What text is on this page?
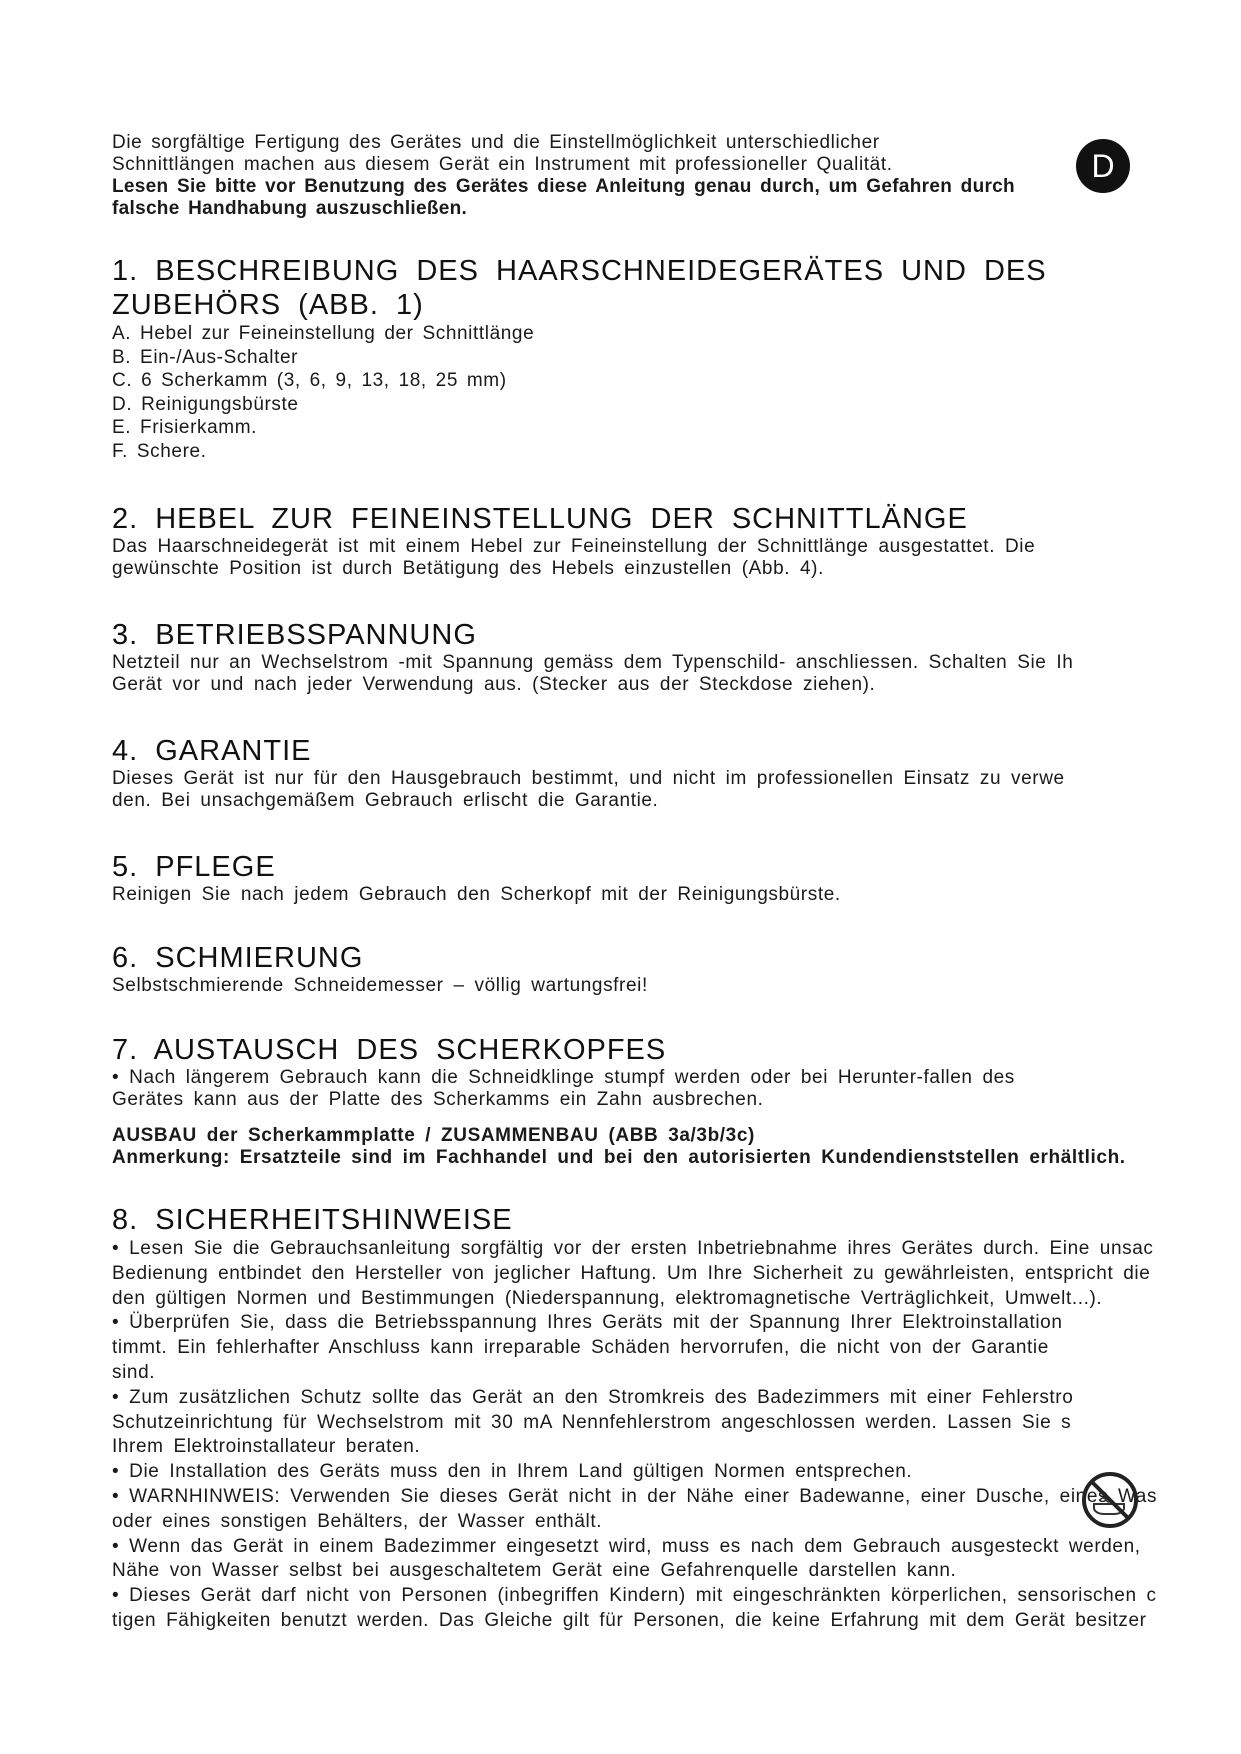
D

Die sorgfältige Fertigung des Gerätes und die Einstellmöglichkeit unterschiedlicher

Schnittlängen machen aus diesem Gerät ein Instrument mit professioneller Qualität.

Lesen Sie bitte vor Benutzung des Gerätes diese Anleitung genau durch, um Gefahren durch

falsche Handhabung auszuschließen.

1. BESCHREIBUNG DES HAARSCHNEIDEGERÄTES UND DES
ZUBEHÖRS (ABB. 1)
A. Hebel zur Feineinstellung der Schnittlänge
B. Ein-/Aus-Schalter
C. 6 Scherkamm (3, 6, 9, 13, 18, 25 mm)
D. Reinigungsbürste
E. Frisierkamm.
F. Schere.
2. HEBEL ZUR FEINEINSTELLUNG DER SCHNITTLÄNGE

Das Haarschneidegerät ist mit einem Hebel zur Feineinstellung der Schnittlänge ausgestattet. Die

gewünschte Position ist durch Betätigung des Hebels einzustellen (Abb. 4).

3. BETRIEBSSPANNUNG

Netzteil nur an Wechselstrom -mit Spannung gemäss dem Typenschild- anschliessen. Schalten Sie Ih

Gerät vor und nach jeder Verwendung aus. (Stecker aus der Steckdose ziehen).

4. GARANTIE

Dieses Gerät ist nur für den Hausgebrauch bestimmt, und nicht im professionellen Einsatz zu verwe

den. Bei unsachgemäßem Gebrauch erlischt die Garantie.

5. PFLEGE

Reinigen Sie nach jedem Gebrauch den Scherkopf mit der Reinigungsbürste.

6. SCHMIERUNG

Selbstschmierende Schneidemesser – völlig wartungsfrei!

7. AUSTAUSCH DES SCHERKOPFES

• Nach längerem Gebrauch kann die Schneidklinge stumpf werden oder bei Herunter-fallen des

Gerätes kann aus der Platte des Scherkamms ein Zahn ausbrechen.

AUSBAU der Scherkammplatte / ZUSAMMENBAU (ABB 3a/3b/3c)

Anmerkung: Ersatzteile sind im Fachhandel und bei den autorisierten Kundendienststellen erhältlich.

8. SICHERHEITSHINWEISE

• Lesen Sie die Gebrauchsanleitung sorgfältig vor der ersten Inbetriebnahme ihres Gerätes durch. Eine unsac

Bedienung entbindet den Hersteller von jeglicher Haftung. Um Ihre Sicherheit zu gewährleisten, entspricht die

den gültigen Normen und Bestimmungen (Niederspannung, elektromagnetische Verträglichkeit, Umwelt...).

• Überprüfen Sie, dass die Betriebsspannung Ihres Geräts mit der Spannung Ihrer Elektroinstallation

timmt. Ein fehlerhafter Anschluss kann irreparable Schäden hervorrufen, die nicht von der Garantie

sind.

• Zum zusätzlichen Schutz sollte das Gerät an den Stromkreis des Badezimmers mit einer Fehlerstro

Schutzeinrichtung für Wechselstrom mit 30 mA Nennfehlerstrom angeschlossen werden. Lassen Sie s

Ihrem Elektroinstallateur beraten.

• Die Installation des Geräts muss den in Ihrem Land gültigen Normen entsprechen.

• WARNHINWEIS: Verwenden Sie dieses Gerät nicht in der Nähe einer Badewanne, einer Dusche, eines Was

oder eines sonstigen Behälters, der Wasser enthält.

• Wenn das Gerät in einem Badezimmer eingesetzt wird, muss es nach dem Gebrauch ausgesteckt werden,

Nähe von Wasser selbst bei ausgeschaltetem Gerät eine Gefahrenquelle darstellen kann.

• Dieses Gerät darf nicht von Personen (inbegriffen Kindern) mit eingeschränkten körperlichen, sensorischen c

tigen Fähigkeiten benutzt werden. Das Gleiche gilt für Personen, die keine Erfahrung mit dem Gerät besitzer
